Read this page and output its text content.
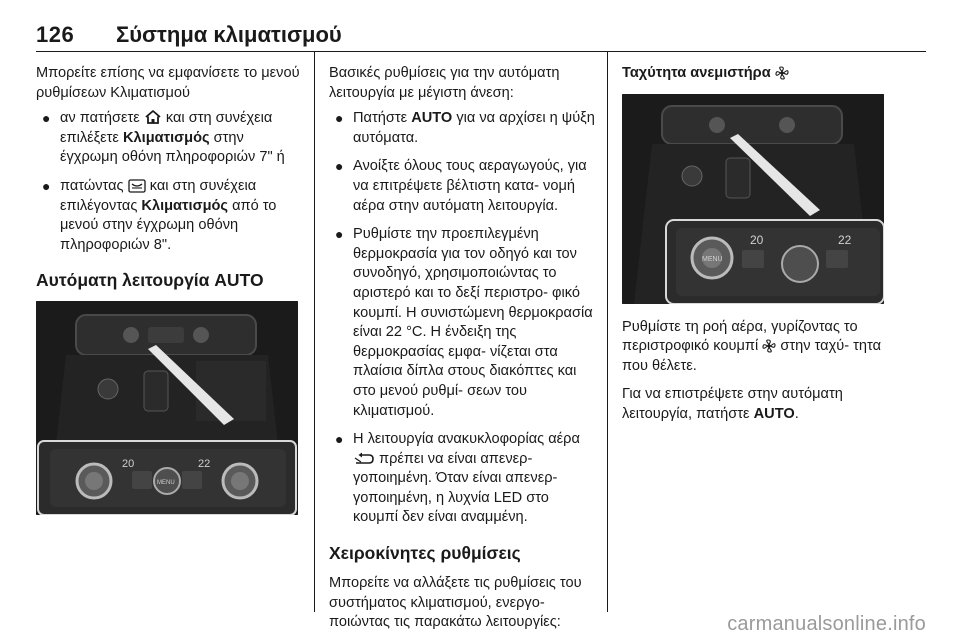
126 Σύστημα κλιματισμού

Μπορείτε επίσης να εμφανίσετε το μενού ρυθμίσεων Κλιματισμού

● αν πατήσετε  και στη συνέχεια επιλέξετε Κλιματισμός στην έγχρωμη οθόνη πληροφοριών 7" ή
● πατώντας  και στη συνέχεια επιλέγοντας Κλιματισμός από το μενού στην έγχρωμη οθόνη πληροφοριών 8".
Αυτόματη λειτουργία AUTO
20	22
MENU

Βασικές ρυθμίσεις για την αυτόματη λειτουργία με μέγιστη άνεση:

● Πατήστε AUTO για να αρχίσει η ψύξη αυτόματα.
● Ανοίξτε όλους τους αεραγωγούς, για να επιτρέψετε βέλτιστη κατα- νομή αέρα στην αυτόματη λειτουργία.
● Ρυθμίστε την προεπιλεγμένη θερμοκρασία για τον οδηγό και τον συνοδηγό, χρησιμοποιώντας το αριστερό και το δεξί περιστρο- φικό κουμπί. Η συνιστώμενη θερμοκρασία είναι 22 °C. Η ένδειξη της θερμοκρασίας εμφα- νίζεται στα πλαίσια δίπλα στους διακόπτες και στο μενού ρυθμί- σεων του κλιματισμού.
● Η λειτουργία ανακυκλοφορίας αέρα  πρέπει να είναι απενερ- γοποιημένη. Όταν είναι απενερ- γοποιημένη, η λυχνία LED στο κουμπί δεν είναι αναμμένη.
Χειροκίνητες ρυθμίσεις

Μπορείτε να αλλάξετε τις ρυθμίσεις του συστήματος κλιματισμού, ενεργο- ποιώντας τις παρακάτω λειτουργίες:

Ταχύτητα ανεμιστήρα

20	22
MENU

Ρυθμίστε τη ροή αέρα, γυρίζοντας το περιστροφικό κουμπί  στην ταχύ- τητα που θέλετε.

Για να επιστρέψετε στην αυτόματη λειτουργία, πατήστε AUTO.

carmanualsonline.info
